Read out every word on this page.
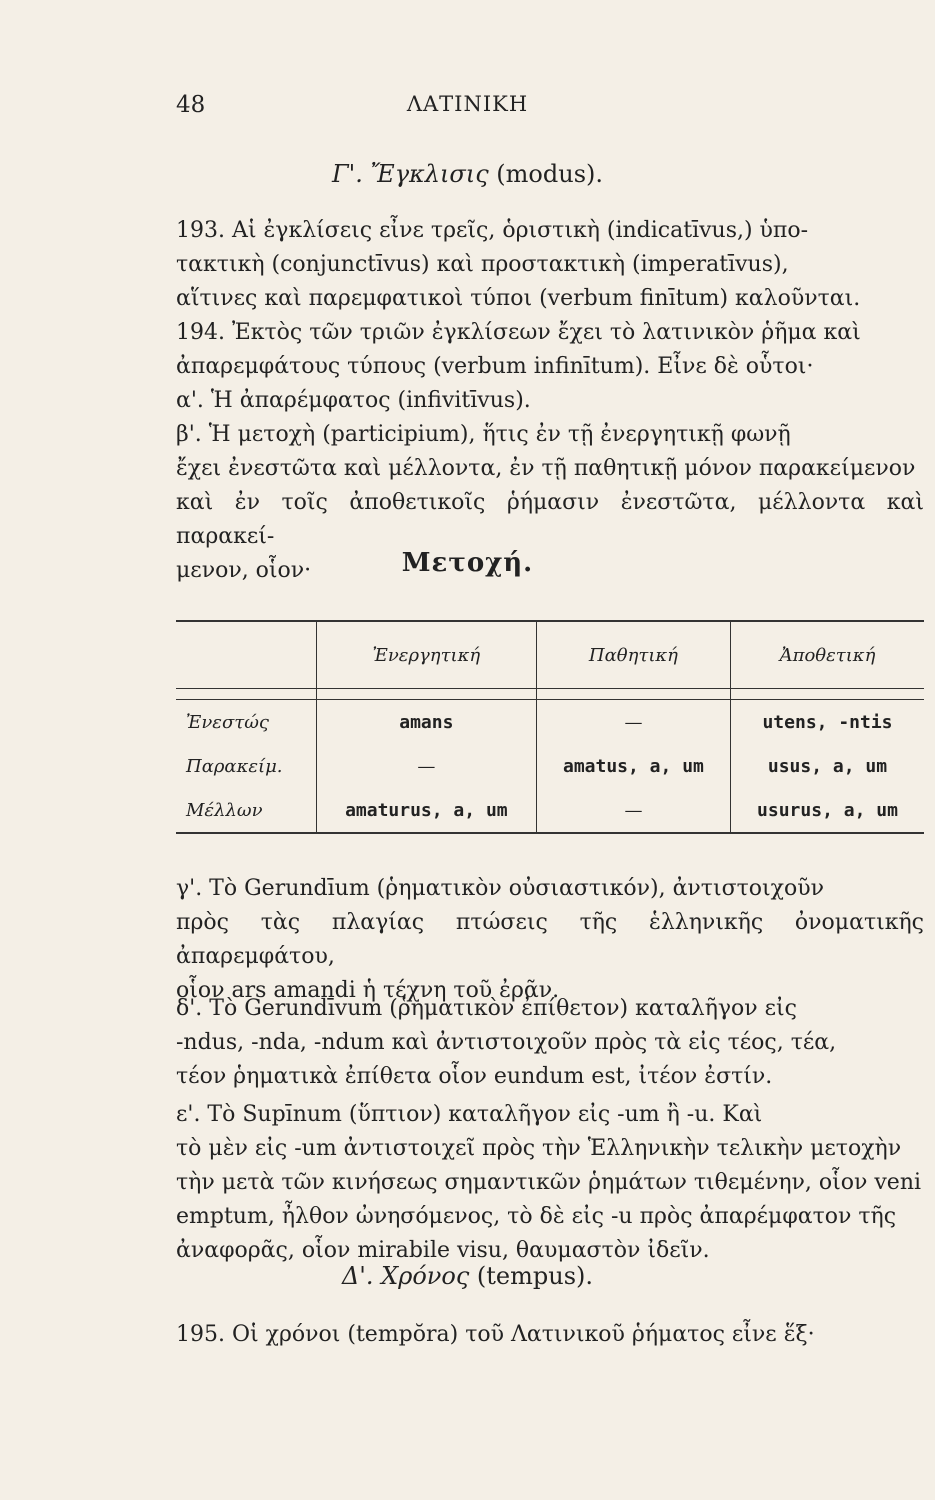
48	ΛΑΤΙΝΙΚΗ
Γ'. Ἔγκλισις (modus).

193. Αἱ ἐγκλίσεις εἶνε τρεῖς, ὁριστικὴ (indicatīvus,) ὑπο-

τακτικὴ (conjunctīvus) καὶ προστακτικὴ (imperatīvus),

αἵτινες καὶ παρεμφατικοὶ τύποι (verbum finītum) καλοῦνται.

194. Ἐκτὸς τῶν τριῶν ἐγκλίσεων ἔχει τὸ λατινικὸν ῥῆμα καὶ

ἀπαρεμφάτους τύπους (verbum infinītum). Εἶνε δὲ οὗτοι·

α'. Ἡ ἀπαρέμφατος (infivitīvus).

β'. Ἡ μετοχὴ (participium), ἥτις ἐν τῇ ἐνεργητικῇ φωνῇ

ἔχει ἐνεστῶτα καὶ μέλλοντα, ἐν τῇ παθητικῇ μόνον παρακείμενον

καὶ ἐν τοῖς ἀποθετικοῖς ῥήμασιν ἐνεστῶτα, μέλλοντα καὶ παρακεί-

μενον, οἷον·	Μετοχή.
	Ἐνεργητική	Παθητική	Ἀποθετική

Ἐνεστώς	amans	—	utens, -ntis
Παρακείμ.	—	amatus, a, um	usus, a, um
Μέλλων	amaturus, a, um	—	usurus, a, um

γ'. Τὸ Gerundīum (ῥηματικὸν οὐσιαστικόν), ἀντιστοιχοῦν

πρὸς τὰς πλαγίας πτώσεις τῆς ἑλληνικῆς ὀνοματικῆς ἀπαρεμφάτου,

οἷον ars amandi ἡ τέχνη τοῦ ἐρᾶν.

δ'. Τὸ Gerundīvum (ῥηματικὸν ἐπίθετον) καταλῆγον εἰς

-ndus, -nda, -ndum καὶ ἀντιστοιχοῦν πρὸς τὰ εἰς τέος, τέα,

τέον ῥηματικὰ ἐπίθετα οἷον eundum est, ἰτέον ἐστίν.

ε'. Τὸ Supīnum (ὕπτιον) καταλῆγον εἰς -um ἢ -u. Καὶ

τὸ μὲν εἰς -um ἀντιστοιχεῖ πρὸς τὴν Ἑλληνικὴν τελικὴν μετοχὴν

τὴν μετὰ τῶν κινήσεως σημαντικῶν ῥημάτων τιθεμένην, οἷον veni

emptum, ἦλθον ὠνησόμενος, τὸ δὲ εἰς -u πρὸς ἀπαρέμφατον τῆς

ἀναφορᾶς, οἷον mirabile visu, θαυμαστὸν ἰδεῖν.

Δ'. Χρόνος (tempus).

195. Οἱ χρόνοι (tempŏra) τοῦ Λατινικοῦ ῥήματος εἶνε ἕξ·
